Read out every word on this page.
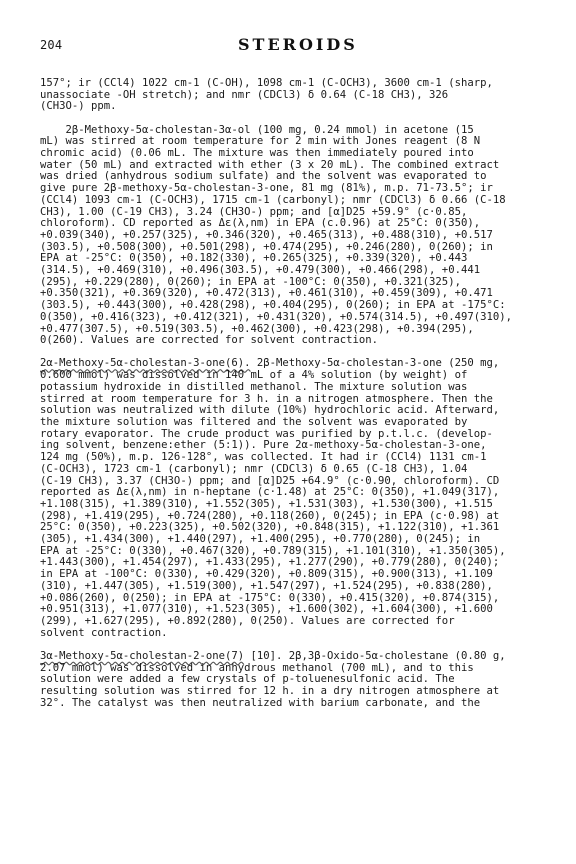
204	STEROIDS
157°; ir (CCl4) 1022 cm-1 (C-OH), 1098 cm-1 (C-OCH3), 3600 cm-1 (sharp,
unassociate -OH stretch); and nmr (CDCl3) δ 0.64 (C-18 CH3), 326
(CH3O-) ppm.
2β-Methoxy-5α-cholestan-3α-ol (100 mg, 0.24 mmol) in acetone (15
mL) was stirred at room temperature for 2 min with Jones reagent (8 N
chromic acid) (0.06 mL. The mixture was then immediately poured into
water (50 mL) and extracted with ether (3 x 20 mL). The combined extract
was dried (anhydrous sodium sulfate) and the solvent was evaporated to
give pure 2β-methoxy-5α-cholestan-3-one, 81 mg (81%), m.p. 71-73.5°; ir
(CCl4) 1093 cm-1 (C-OCH3), 1715 cm-1 (carbonyl); nmr (CDCl3) δ 0.66 (C-18
CH3), 1.00 (C-19 CH3), 3.24 (CH3O-) ppm; and [α]D25 +59.9° (c·0.85,
chloroform). CD reported as Δε(λ,nm) in EPA (c.0.96) at 25°C: 0(350),
+0.039(340), +0.257(325), +0.346(320), +0.465(313), +0.488(310), +0.517
(303.5), +0.508(300), +0.501(298), +0.474(295), +0.246(280), 0(260); in
EPA at -25°C: 0(350), +0.182(330), +0.265(325), +0.339(320), +0.443
(314.5), +0.469(310), +0.496(303.5), +0.479(300), +0.466(298), +0.441
(295), +0.229(280), 0(260); in EPA at -100°C: 0(350), +0.321(325),
+0.350(321), +0.369(320), +0.472(313), +0.461(310), +0.459(309), +0.471
(303.5), +0.443(300), +0.428(298), +0.404(295), 0(260); in EPA at -175°C:
0(350), +0.416(323), +0.412(321), +0.431(320), +0.574(314.5), +0.497(310),
+0.477(307.5), +0.519(303.5), +0.462(300), +0.423(298), +0.394(295),
0(260). Values are corrected for solvent contraction.
2α-Methoxy-5α-cholestan-3-one(6). 2β-Methoxy-5α-cholestan-3-one (250 mg,
0.600 mmol) was dissolved in 140 mL of a 4% solution (by weight) of
potassium hydroxide in distilled methanol. The mixture solution was
stirred at room temperature for 3 h. in a nitrogen atmosphere. Then the
solution was neutralized with dilute (10%) hydrochloric acid. Afterward,
the mixture solution was filtered and the solvent was evaporated by
rotary evaporator. The crude product was purified by p.t.l.c. (develop-
ing solvent, benzene:ether (5:1)). Pure 2α-methoxy-5α-cholestan-3-one,
124 mg (50%), m.p. 126-128°, was collected. It had ir (CCl4) 1131 cm-1
(C-OCH3), 1723 cm-1 (carbonyl); nmr (CDCl3) δ 0.65 (C-18 CH3), 1.04
(C-19 CH3), 3.37 (CH3O-) ppm; and [α]D25 +64.9° (c·0.90, chloroform). CD
reported as Δε(λ,nm) in n-heptane (c·1.48) at 25°C: 0(350), +1.049(317),
+1.108(315), +1.389(310), +1.552(305), +1.531(303), +1.530(300), +1.515
(298), +1.419(295), +0.724(280), +0.118(260), 0(245); in EPA (c·0.98) at
25°C: 0(350), +0.223(325), +0.502(320), +0.848(315), +1.122(310), +1.361
(305), +1.434(300), +1.440(297), +1.400(295), +0.770(280), 0(245); in
EPA at -25°C: 0(330), +0.467(320), +0.789(315), +1.101(310), +1.350(305),
+1.443(300), +1.454(297), +1.433(295), +1.277(290), +0.779(280), 0(240);
in EPA at -100°C: 0(330), +0.429(320), +0.809(315), +0.900(313), +1.109
(310), +1.447(305), +1.519(300), +1.547(297), +1.524(295), +0.838(280),
+0.086(260), 0(250); in EPA at -175°C: 0(330), +0.415(320), +0.874(315),
+0.951(313), +1.077(310), +1.523(305), +1.600(302), +1.604(300), +1.600
(299), +1.627(295), +0.892(280), 0(250). Values are corrected for
solvent contraction.
3α-Methoxy-5α-cholestan-2-one(7) [10]. 2β,3β-Oxido-5α-cholestane (0.80 g,
2.07 mmol) was dissolved in anhydrous methanol (700 mL), and to this
solution were added a few crystals of p-toluenesulfonic acid. The
resulting solution was stirred for 12 h. in a dry nitrogen atmosphere at
32°. The catalyst was then neutralized with barium carbonate, and the
